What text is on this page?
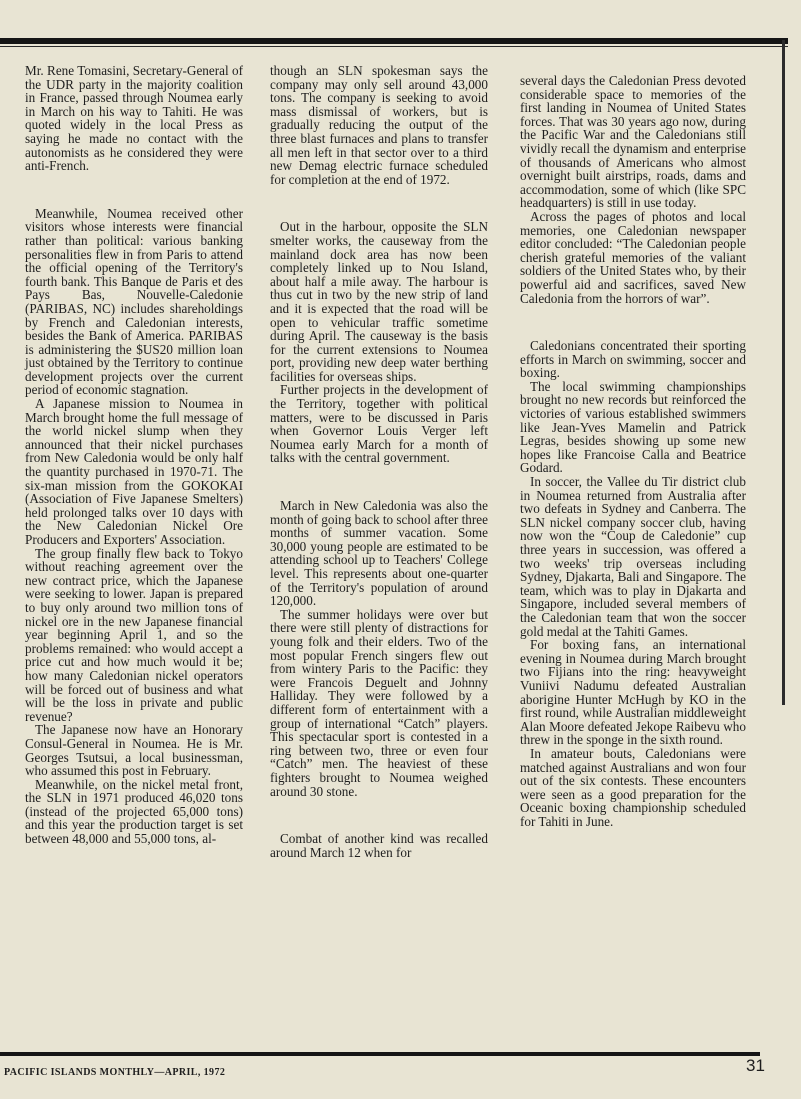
Mr. Rene Tomasini, Secretary-General of the UDR party in the majority coalition in France, passed through Noumea early in March on his way to Tahiti. He was quoted widely in the local Press as saying he made no contact with the autonomists as he considered they were anti-French.

Meanwhile, Noumea received other visitors whose interests were financial rather than political: various banking personalities flew in from Paris to attend the official opening of the Territory's fourth bank. This Banque de Paris et des Pays Bas, Nouvelle-Caledonie (PARIBAS, NC) includes shareholdings by French and Caledonian interests, besides the Bank of America. PARIBAS is administering the $US20 million loan just obtained by the Territory to continue development projects over the current period of economic stagnation.

A Japanese mission to Noumea in March brought home the full message of the world nickel slump when they announced that their nickel purchases from New Caledonia would be only half the quantity purchased in 1970-71. The six-man mission from the GOKOKAI (Association of Five Japanese Smelters) held prolonged talks over 10 days with the New Caledonian Nickel Ore Producers and Exporters' Association.

The group finally flew back to Tokyo without reaching agreement over the new contract price, which the Japanese were seeking to lower. Japan is prepared to buy only around two million tons of nickel ore in the new Japanese financial year beginning April 1, and so the problems remained: who would accept a price cut and how much would it be; how many Caledonian nickel operators will be forced out of business and what will be the loss in private and public revenue?

The Japanese now have an Honorary Consul-General in Noumea. He is Mr. Georges Tsutsui, a local businessman, who assumed this post in February.

Meanwhile, on the nickel metal front, the SLN in 1971 produced 46,020 tons (instead of the projected 65,000 tons) and this year the production target is set between 48,000 and 55,000 tons, al-

though an SLN spokesman says the company may only sell around 43,000 tons. The company is seeking to avoid mass dismissal of workers, but is gradually reducing the output of the three blast furnaces and plans to transfer all men left in that sector over to a third new Demag electric furnace scheduled for completion at the end of 1972.

Out in the harbour, opposite the SLN smelter works, the causeway from the mainland dock area has now been completely linked up to Nou Island, about half a mile away. The harbour is thus cut in two by the new strip of land and it is expected that the road will be open to vehicular traffic sometime during April. The causeway is the basis for the current extensions to Noumea port, providing new deep water berthing facilities for overseas ships.

Further projects in the development of the Territory, together with political matters, were to be discussed in Paris when Governor Louis Verger left Noumea early March for a month of talks with the central government.

March in New Caledonia was also the month of going back to school after three months of summer vacation. Some 30,000 young people are estimated to be attending school up to Teachers' College level. This represents about one-quarter of the Territory's population of around 120,000.

The summer holidays were over but there were still plenty of distractions for young folk and their elders. Two of the most popular French singers flew out from wintery Paris to the Pacific: they were Francois Deguelt and Johnny Halliday. They were followed by a different form of entertainment with a group of international “Catch” players. This spectacular sport is contested in a ring between two, three or even four “Catch” men. The heaviest of these fighters brought to Noumea weighed around 30 stone.

Combat of another kind was recalled around March 12 when for

several days the Caledonian Press devoted considerable space to memories of the first landing in Noumea of United States forces. That was 30 years ago now, during the Pacific War and the Caledonians still vividly recall the dynamism and enterprise of thousands of Americans who almost overnight built airstrips, roads, dams and accommodation, some of which (like SPC headquarters) is still in use today.

Across the pages of photos and local memories, one Caledonian newspaper editor concluded: “The Caledonian people cherish grateful memories of the valiant soldiers of the United States who, by their powerful aid and sacrifices, saved New Caledonia from the horrors of war”.

Caledonians concentrated their sporting efforts in March on swimming, soccer and boxing.

The local swimming championships brought no new records but reinforced the victories of various established swimmers like Jean-Yves Mamelin and Patrick Legras, besides showing up some new hopes like Francoise Calla and Beatrice Godard.

In soccer, the Vallee du Tir district club in Noumea returned from Australia after two defeats in Sydney and Canberra. The SLN nickel company soccer club, having now won the “Coup de Caledonie” cup three years in succession, was offered a two weeks' trip overseas including Sydney, Djakarta, Bali and Singapore. The team, which was to play in Djakarta and Singapore, included several members of the Caledonian team that won the soccer gold medal at the Tahiti Games.

For boxing fans, an international evening in Noumea during March brought two Fijians into the ring: heavyweight Vuniivi Nadumu defeated Australian aborigine Hunter McHugh by KO in the first round, while Australian middleweight Alan Moore defeated Jekope Raibevu who threw in the sponge in the sixth round.

In amateur bouts, Caledonians were matched against Australians and won four out of the six contests. These encounters were seen as a good preparation for the Oceanic boxing championship scheduled for Tahiti in June.

PACIFIC ISLANDS MONTHLY—APRIL, 1972	31
